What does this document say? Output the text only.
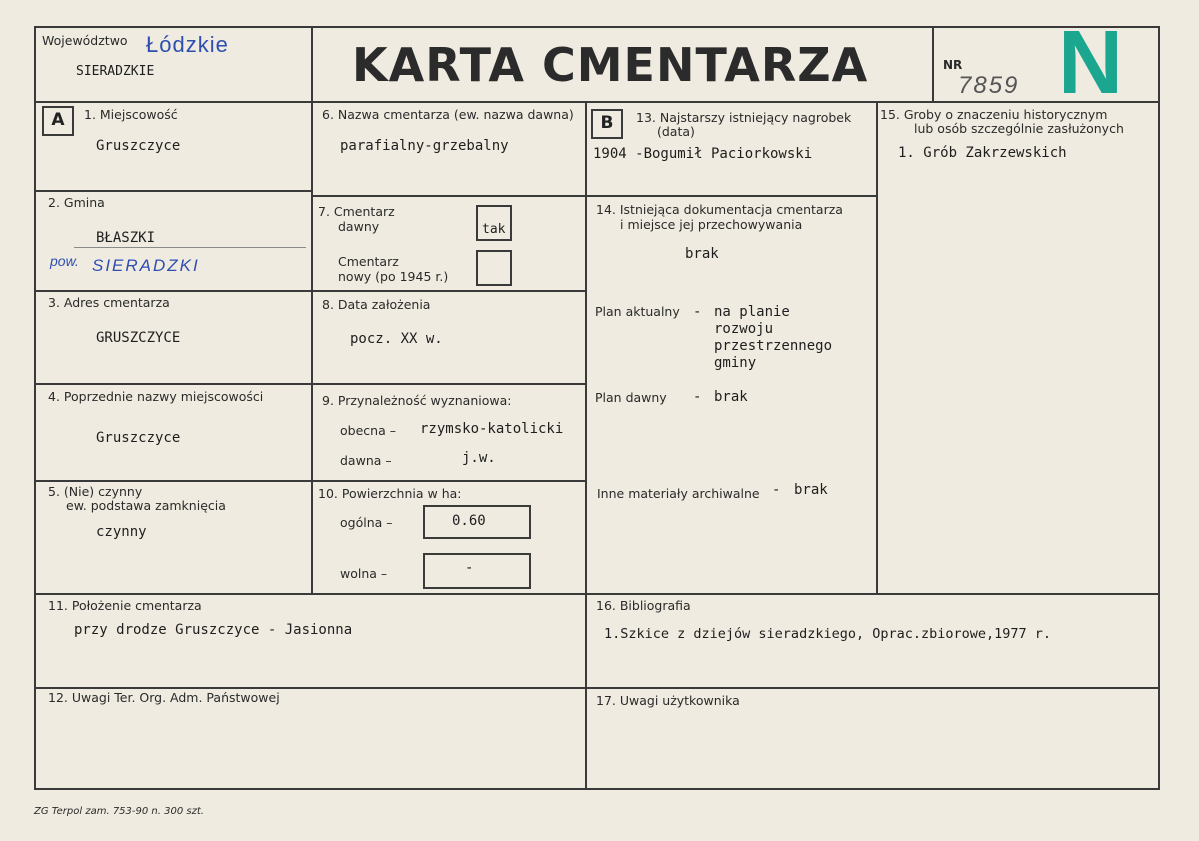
Województwo Łódzkie
SIERADZKIE	KARTA CMENTARZA	NR
7859 N
A	1. Miejscowość
Gruszczyce
2. Gmina
BŁASZKI
pow. SIERADZKI
3. Adres cmentarza
GRUSZCZYCE
4. Poprzednie nazwy miejscowości
Gruszczyce
5. (Nie) czynny
ew. podstawa zamknięcia
czynny
6. Nazwa cmentarza (ew. nazwa dawna)
parafialny-grzebalny
7. Cmentarz
dawny	tak
Cmentarz
nowy (po 1945 r.)
8. Data założenia
pocz. XX w.
9. Przynależność wyznaniowa:
obecna – rzymsko-katolicki
dawna –	j.w.
10. Powierzchnia w ha:
ogólna –	0.60
wolna –	-
B	13. Najstarszy istniejący nagrobek
(data)
1904 -Bogumił Paciorkowski
14. Istniejąca dokumentacja cmentarza
i miejsce jej przechowywania
brak
Plan aktualny - na planie
rozwoju
przestrzennego
gminy
Plan dawny - brak
Inne materiały archiwalne - brak
15. Groby o znaczeniu historycznym
lub osób szczególnie zasłużonych
1. Grób Zakrzewskich
11. Położenie cmentarza
przy drodze Gruszczyce - Jasionna
16. Bibliografia
1.Szkice z dziejów sieradzkiego, Oprac.zbiorowe,1977 r.
12. Uwagi Ter. Org. Adm. Państwowej	17. Uwagi użytkownika
ZG Terpol zam. 753-90 n. 300 szt.
